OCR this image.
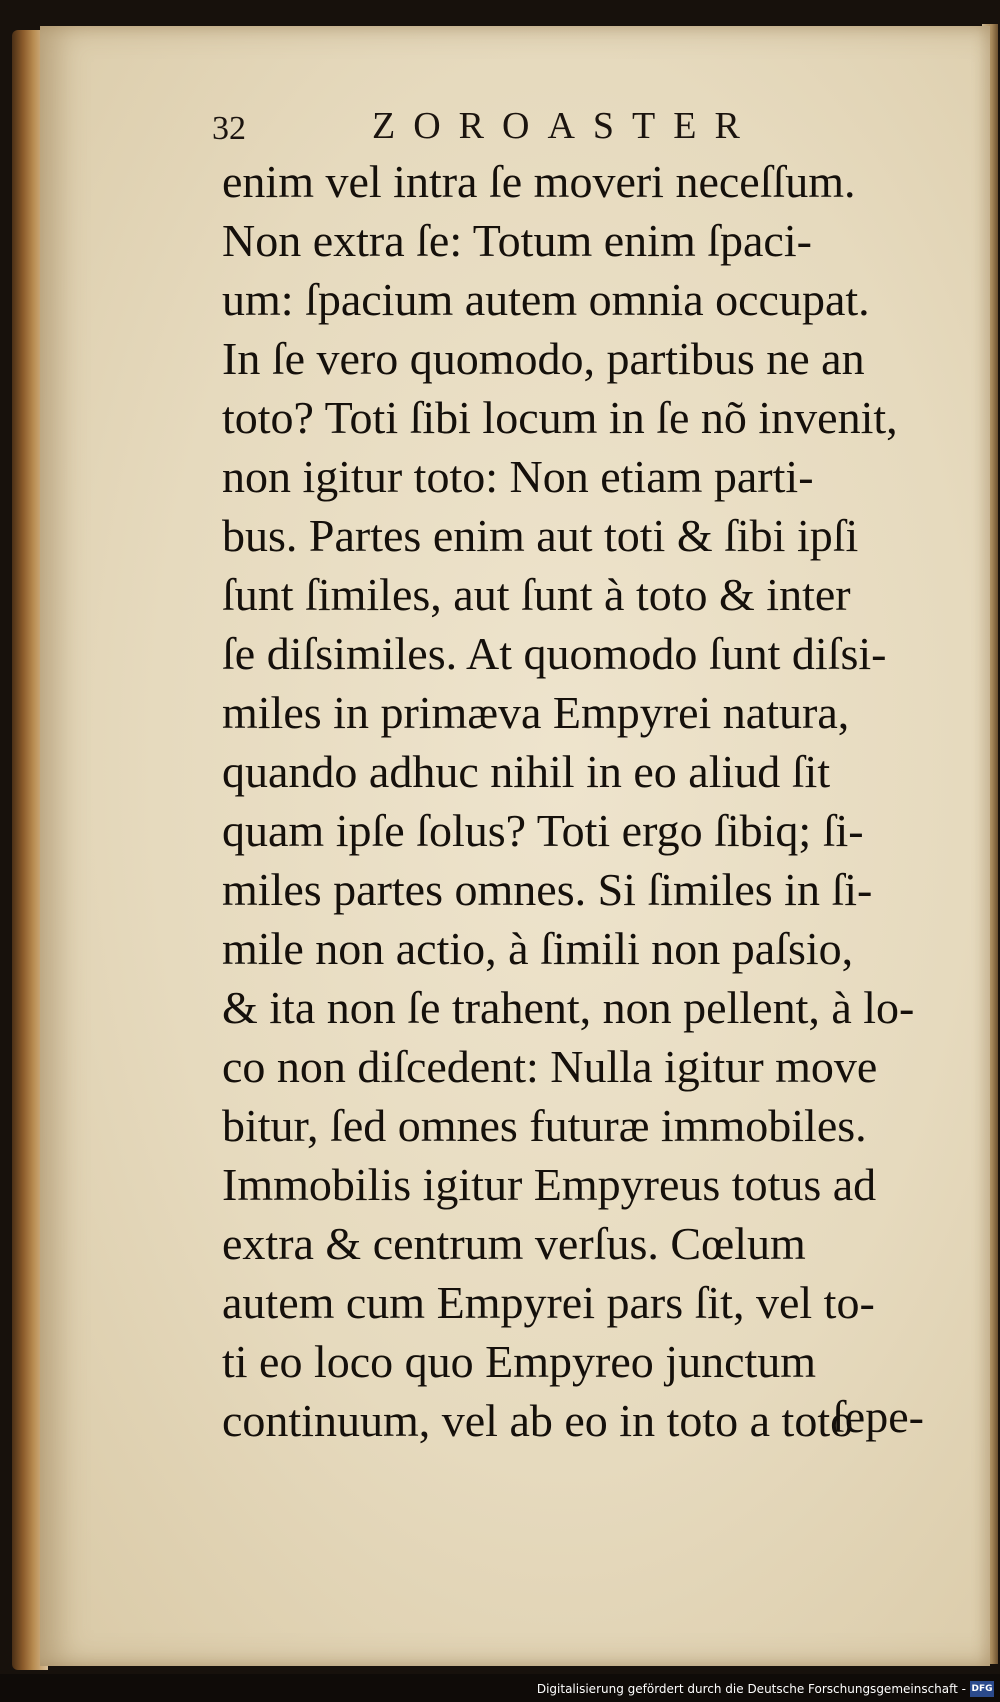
32	ZOROASTER
enim vel intra ſe moveri neceſſum.
Non extra ſe: Totum enim ſpaci-
um: ſpacium autem omnia occupat.
In ſe vero quomodo, partibus ne an
toto? Toti ſibi locum in ſe nõ invenit,
non igitur toto: Non etiam parti-
bus. Partes enim aut toti & ſibi ipſi
ſunt ſimiles, aut ſunt à toto & inter
ſe diſsimiles. At quomodo ſunt diſsi-
miles in primæva Empyrei natura,
quando adhuc nihil in eo aliud ſit
quam ipſe ſolus? Toti ergo ſibiq; ſi-
miles partes omnes. Si ſimiles in ſi-
mile non actio, à ſimili non paſsio,
& ita non ſe trahent, non pellent, à lo-
co non diſcedent: Nulla igitur move
bitur, ſed omnes futuræ immobiles.
Immobilis igitur Empyreus totus ad
extra & centrum verſus. Cœlum
autem cum Empyrei pars ſit, vel to-
ti eo loco quo Empyreo junctum
continuum, vel ab eo in toto a toto
ſepe-
Digitalisierung gefördert durch die Deutsche Forschungsgemeinschaft - DFG
